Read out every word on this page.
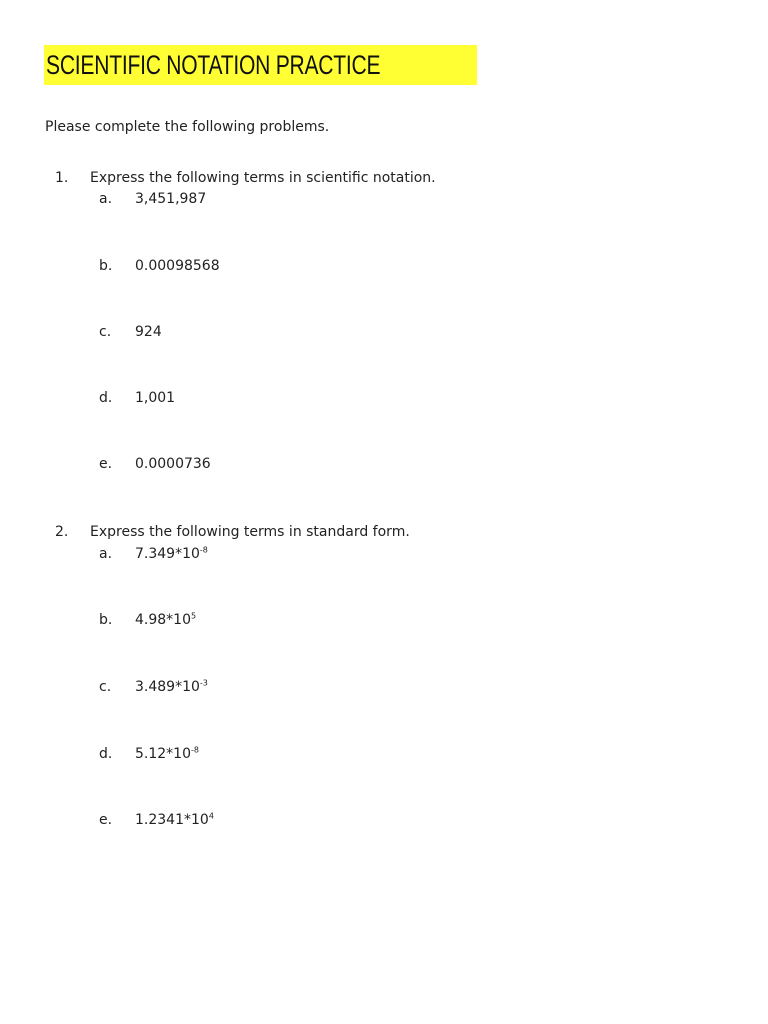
SCIENTIFIC NOTATION PRACTICE
Please complete the following problems.
1. Express the following terms in scientific notation.
a. 3,451,987
b. 0.00098568
c. 924
d. 1,001
e. 0.0000736
2. Express the following terms in standard form.
a. $7.349*10^{-8}$
b. $4.98*10^5$
c. $3.489*10^{-3}$
d. $5.12*10^{-8}$
e. $1.2341*10^4$
